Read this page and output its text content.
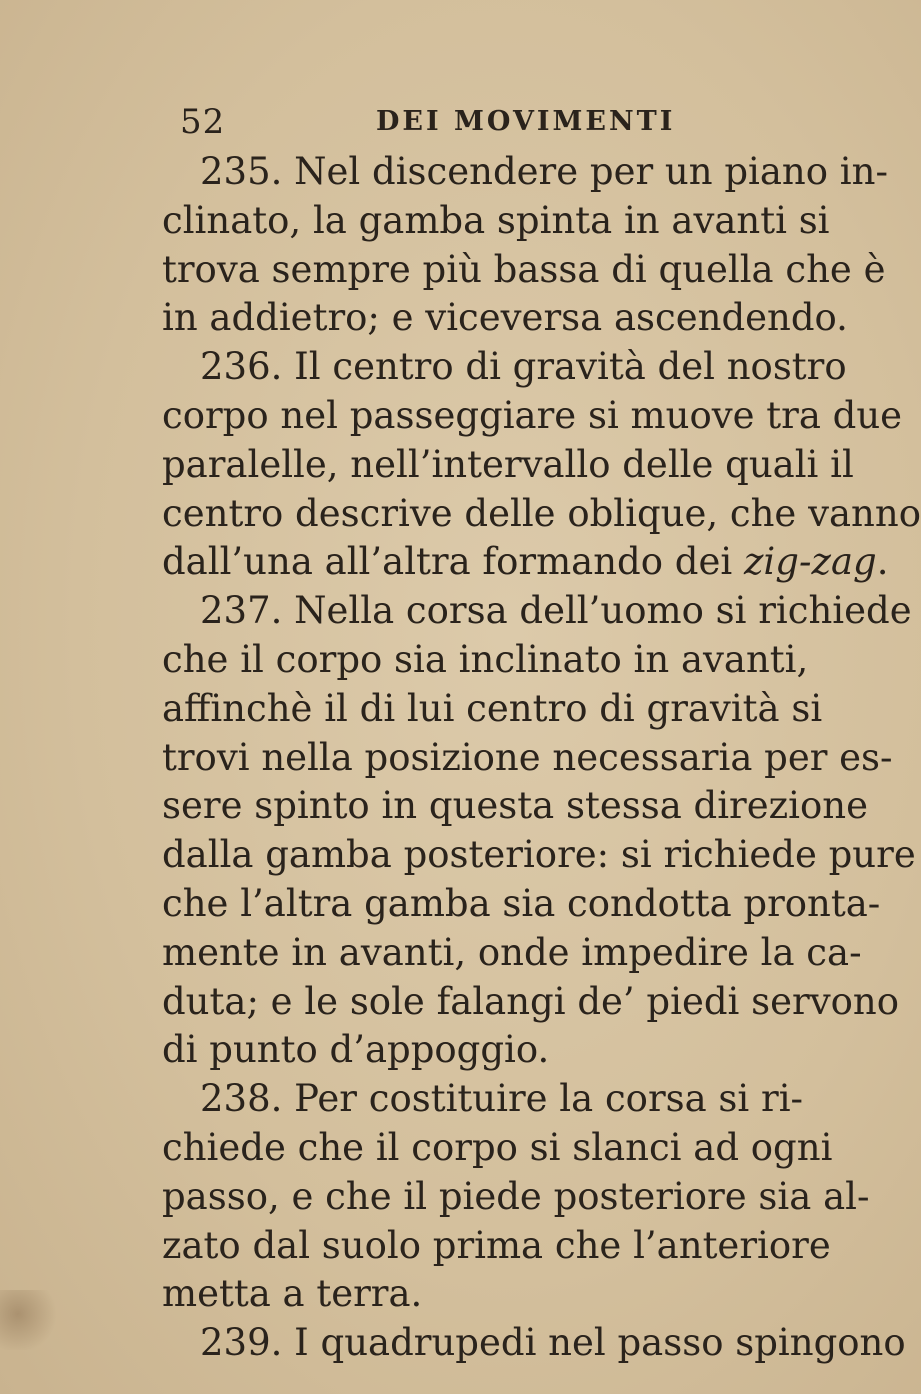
52	DEI MOVIMENTI
235. Nel discendere per un piano in-
clinato, la gamba spinta in avanti si
trova sempre più bassa di quella che è
in addietro; e viceversa ascendendo.
236. Il centro di gravità del nostro
corpo nel passeggiare si muove tra due
paralelle, nell’intervallo delle quali il
centro descrive delle oblique, che vanno
dall’una all’altra formando dei zig-zag.
237. Nella corsa dell’uomo si richiede
che il corpo sia inclinato in avanti,
affinchè il di lui centro di gravità si
trovi nella posizione necessaria per es-
sere spinto in questa stessa direzione
dalla gamba posteriore: si richiede pure
che l’altra gamba sia condotta pronta-
mente in avanti, onde impedire la ca-
duta; e le sole falangi de’ piedi servono
di punto d’appoggio.
238. Per costituire la corsa si ri-
chiede che il corpo si slanci ad ogni
passo, e che il piede posteriore sia al-
zato dal suolo prima che l’anteriore
metta a terra.
239. I quadrupedi nel passo spingono
